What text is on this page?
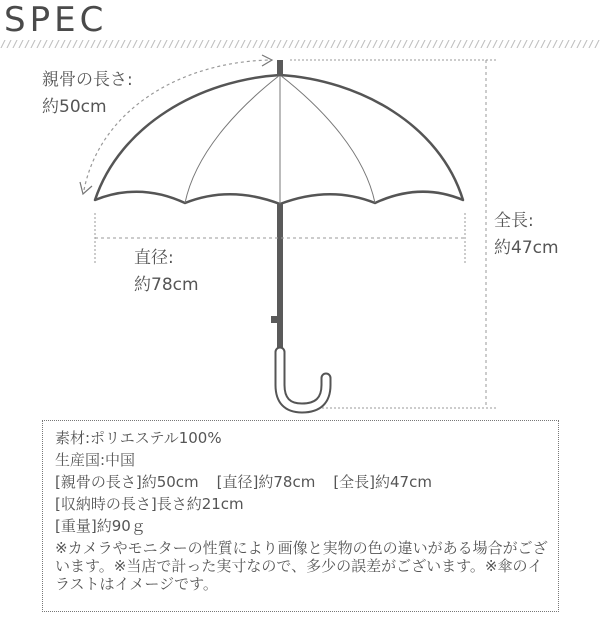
SPEC
親骨の長さ:
約50cm
直径:
約78cm
全長:
約47cm
素材:ポリエステル100%
生産国:中国
[親骨の長さ]約50cm [直径]約78cm [全長]約47cm
[収納時の長さ]長さ約21cm
[重量]約90ｇ
※カメラやモニターの性質により画像と実物の色の違いがある場合がございます。※当店で計った実寸なので、多少の誤差がございます。※傘のイラストはイメージです。
